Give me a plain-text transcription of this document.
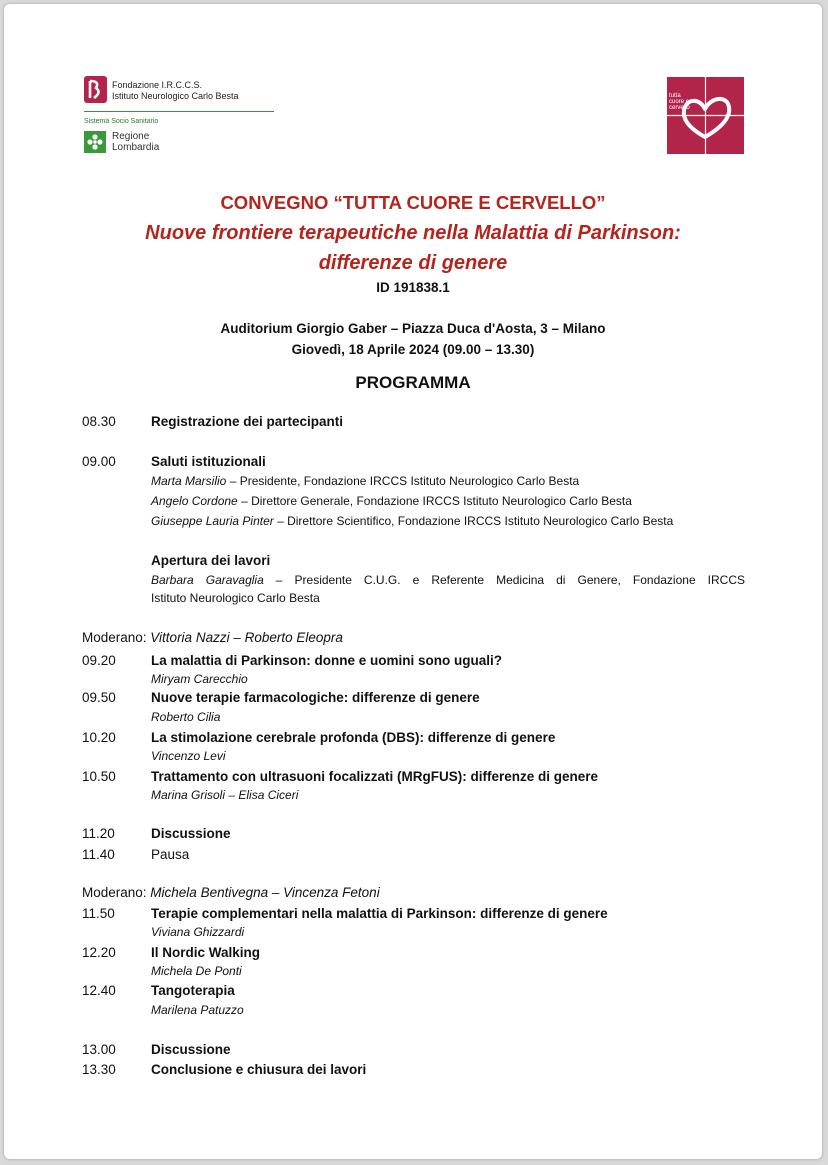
Fondazione I.R.C.C.S.
Istituto Neurologico Carlo Besta
Sistema Socio Sanitario
Regione
Lombardia
tutta
cuore e
cervello
CONVEGNO “TUTTA CUORE E CERVELLO”
Nuove frontiere terapeutiche nella Malattia di Parkinson:
differenze di genere
ID 191838.1
Auditorium Giorgio Gaber – Piazza Duca d'Aosta, 3 – Milano
Giovedì, 18 Aprile 2024 (09.00 – 13.30)
PROGRAMMA
08.30	Registrazione dei partecipanti
09.00	Saluti istituzionali
Marta Marsilio – Presidente, Fondazione IRCCS Istituto Neurologico Carlo Besta
Angelo Cordone – Direttore Generale, Fondazione IRCCS Istituto Neurologico Carlo Besta
Giuseppe Lauria Pinter – Direttore Scientifico, Fondazione IRCCS Istituto Neurologico Carlo Besta
Apertura dei lavori
Barbara Garavaglia – Presidente C.U.G. e Referente Medicina di Genere, Fondazione IRCCS
Istituto Neurologico Carlo Besta
Moderano: Vittoria Nazzi – Roberto Eleopra
09.20	La malattia di Parkinson: donne e uomini sono uguali?
Miryam Carecchio
09.50	Nuove terapie farmacologiche: differenze di genere
Roberto Cilia
10.20	La stimolazione cerebrale profonda (DBS): differenze di genere
Vincenzo Levi
10.50	Trattamento con ultrasuoni focalizzati (MRgFUS): differenze di genere
Marina Grisoli – Elisa Ciceri
11.20	Discussione
11.40	Pausa
Moderano: Michela Bentivegna – Vincenza Fetoni
11.50	Terapie complementari nella malattia di Parkinson: differenze di genere
Viviana Ghizzardi
12.20	Il Nordic Walking
Michela De Ponti
12.40	Tangoterapia
Marilena Patuzzo
13.00	Discussione
13.30	Conclusione e chiusura dei lavori
